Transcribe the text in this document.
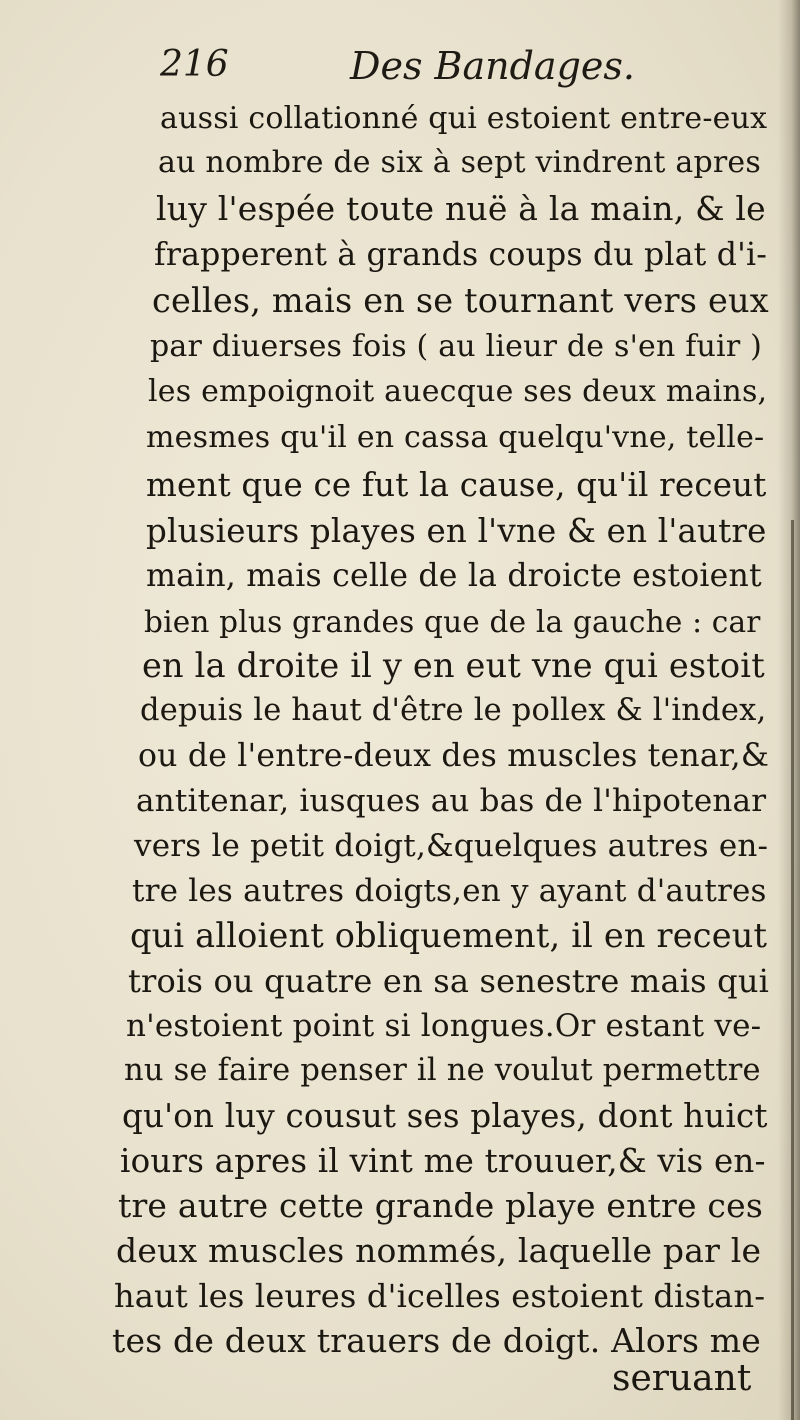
216	Des Bandages.
aussi collationné qui estoient entre-eux
au nombre de six à sept vindrent apres
luy l'espée toute nuë à la main, & le
frapperent à grands coups du plat d'i-
celles, mais en se tournant vers eux
par diuerses fois ( au lieur de s'en fuir )
les empoignoit auecque ses deux mains,
mesmes qu'il en cassa quelqu'vne, telle-
ment que ce fut la cause, qu'il receut
plusieurs playes en l'vne & en l'autre
main, mais celle de la droicte estoient
bien plus grandes que de la gauche : car
en la droite il y en eut vne qui estoit
depuis le haut d'être le pollex & l'index,
ou de l'entre-deux des muscles tenar,&
antitenar, iusques au bas de l'hipotenar
vers le petit doigt,&quelques autres en-
tre les autres doigts,en y ayant d'autres
qui alloient obliquement, il en receut
trois ou quatre en sa senestre mais qui
n'estoient point si longues.Or estant ve-
nu se faire penser il ne voulut permettre
qu'on luy cousut ses playes, dont huict
iours apres il vint me trouuer,& vis en-
tre autre cette grande playe entre ces
deux muscles nommés, laquelle par le
haut les leures d'icelles estoient distan-
tes de deux trauers de doigt. Alors me
seruant
